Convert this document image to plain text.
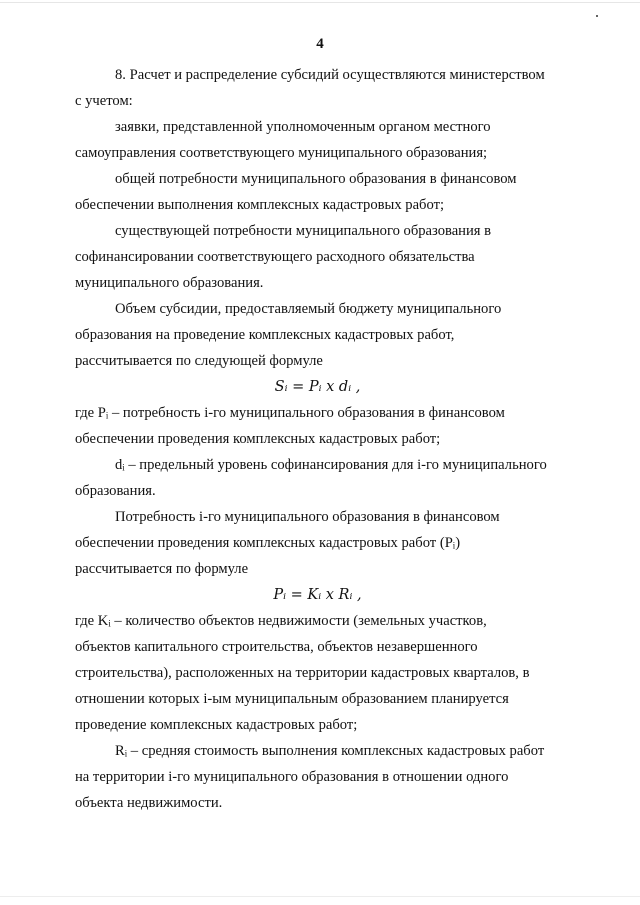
4

8. Расчет и распределение субсидий осуществляются министерством

с учетом:

заявки, представленной уполномоченным органом местного

самоуправления соответствующего муниципального образования;

общей потребности муниципального образования в финансовом

обеспечении выполнения комплексных кадастровых работ;

существующей потребности муниципального образования в

софинансировании соответствующего расходного обязательства

муниципального образования.

Объем субсидии, предоставляемый бюджету муниципального

образования на проведение комплексных кадастровых работ,

рассчитывается по следующей формуле

Sᵢ = Pᵢ x dᵢ ,

где Pᵢ – потребность i-го муниципального образования в финансовом

обеспечении проведения комплексных кадастровых работ;

dᵢ – предельный уровень софинансирования для i-го муниципального

образования.

Потребность i-го муниципального образования в финансовом

обеспечении проведения комплексных кадастровых работ (Pᵢ)

рассчитывается по формуле

Pᵢ = Kᵢ x Rᵢ ,

где Kᵢ – количество объектов недвижимости (земельных участков,

объектов капитального строительства, объектов незавершенного

строительства), расположенных на территории кадастровых кварталов, в

отношении которых i-ым муниципальным образованием планируется

проведение комплексных кадастровых работ;

Rᵢ – средняя стоимость выполнения комплексных кадастровых работ

на территории i-го муниципального образования в отношении одного

объекта недвижимости.
